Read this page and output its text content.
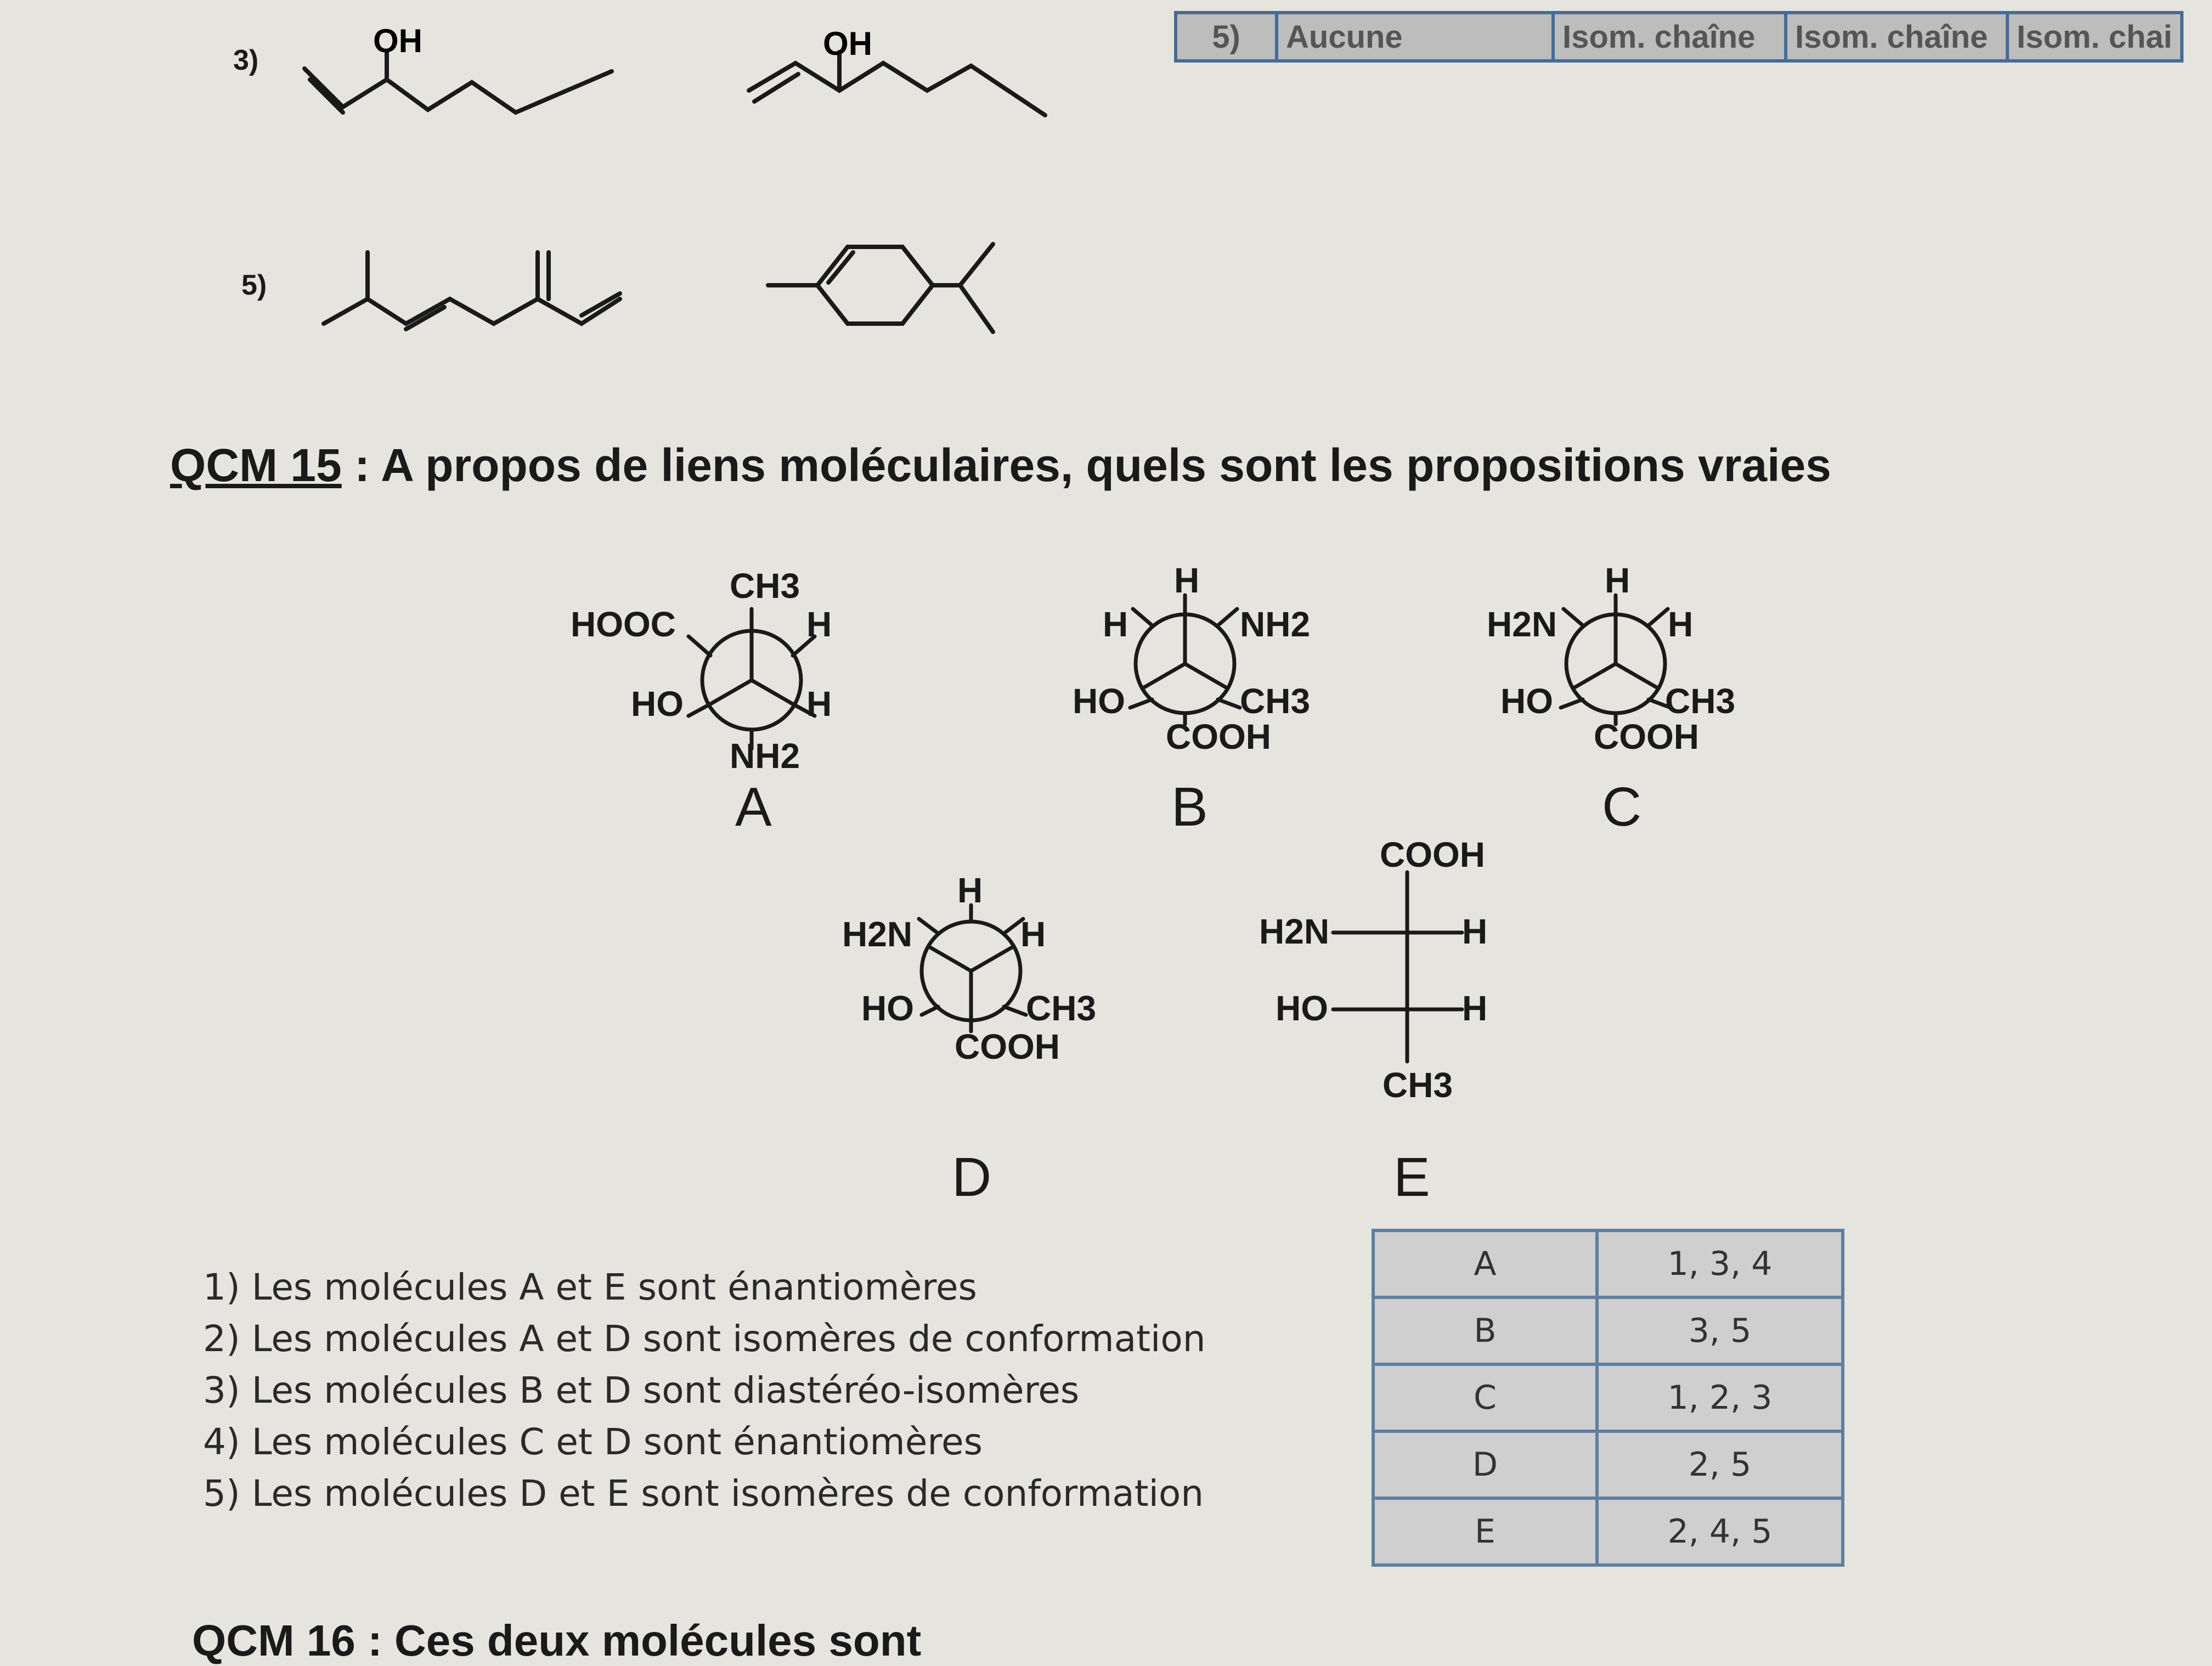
5)	Aucune	Isom. chaîne	Isom. chaîne	Isom. chai
3)
5)
OH	OH
QCM 15 : A propos de liens moléculaires, quels sont les propositions vraies
CH3
HOOC	H
HO	H
NH2
H
H	NH2
HO	CH3
COOH
H
H2N	H
HO	CH3
COOH
H
H2N	H
HO	CH3
COOH
COOH
H2N	H
HO	H
CH3
A	B	C
D	E
1) Les molécules A et E sont énantiomères
2) Les molécules A et D sont isomères de conformation
3) Les molécules B et D sont diastéréo-isomères
4) Les molécules C et D sont énantiomères
5) Les molécules D et E sont isomères de conformation
A	1, 3, 4
B	3, 5
C	1, 2, 3
D	2, 5
E	2, 4, 5
QCM 16 : Ces deux molécules sont
